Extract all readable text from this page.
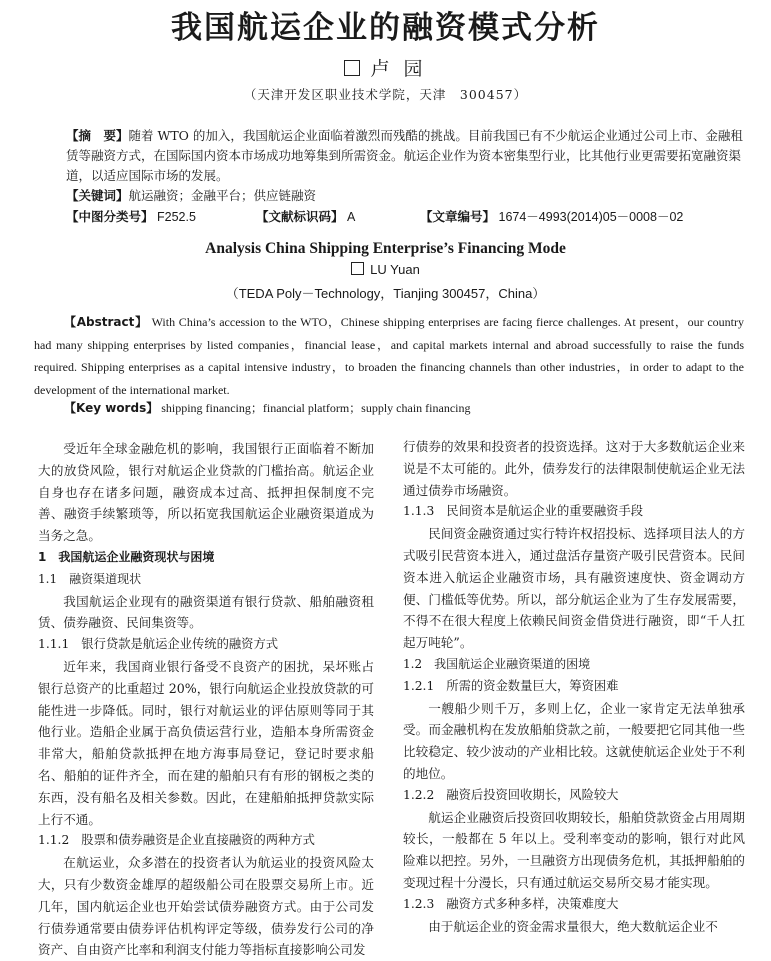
我国航运企业的融资模式分析
卢 园
（天津开发区职业技术学院，天津　300457）
【摘　要】随着 WTO 的加入，我国航运企业面临着激烈而残酷的挑战。目前我国已有不少航运企业通过公司上市、金融租赁等融资方式，在国际国内资本市场成功地筹集到所需资金。航运企业作为资本密集型行业，比其他行业更需要拓宽融资渠道，以适应国际市场的发展。
【关键词】航运融资；金融平台；供应链融资
【中图分类号】 F252.5	【文献标识码】 A	【文章编号】 1674－4993(2014)05－0008－02
Analysis China Shipping Enterprise’s Financing Mode
LU Yuan
（TEDA Poly－Technology，Tianjing 300457，China）
【Abstract】 With China’s accession to the WTO，Chinese shipping enterprises are facing fierce challenges. At present，our country had many shipping enterprises by listed companies，financial lease，and capital markets internal and abroad successfully to raise the funds required. Shipping enterprises as a capital intensive industry，to broaden the financing channels than other industries，in order to adapt to the development of the international market.
【Key words】 shipping financing；financial platform；supply chain financing

受近年全球金融危机的影响，我国银行正面临着不断加大的放贷风险，银行对航运企业贷款的门槛抬高。航运企业自身也存在诸多问题，融资成本过高、抵押担保制度不完善、融资手续繁琐等，所以拓宽我国航运企业融资渠道成为当务之急。

1 我国航运企业融资现状与困境
1.1 融资渠道现状

我国航运企业现有的融资渠道有银行贷款、船舶融资租赁、债券融资、民间集资等。

1.1.1 银行贷款是航运企业传统的融资方式

近年来，我国商业银行备受不良资产的困扰，呆坏账占银行总资产的比重超过 20%，银行向航运企业投放贷款的可能性进一步降低。同时，银行对航运业的评估原则等同于其他行业。造船企业属于高负债运营行业，造船本身所需资金非常大，船舶贷款抵押在地方海事局登记，登记时要求船名、船舶的证件齐全，而在建的船舶只有有形的钢板之类的东西，没有船名及相关参数。因此，在建船舶抵押贷款实际上行不通。

1.1.2 股票和债券融资是企业直接融资的两种方式

在航运业，众多潜在的投资者认为航运业的投资风险太大，只有少数资金雄厚的超级船公司在股票交易所上市。近几年，国内航运企业也开始尝试债券融资方式。由于公司发行债券通常要由债券评估机构评定等级，债券发行公司的净资产、自由资产比率和利润支付能力等指标直接影响公司发

行债券的效果和投资者的投资选择。这对于大多数航运企业来说是不太可能的。此外，债券发行的法律限制使航运企业无法通过债券市场融资。

1.1.3 民间资本是航运企业的重要融资手段

民间资金融资通过实行特许权招投标、选择项目法人的方式吸引民营资本进入，通过盘活存量资产吸引民营资本。民间资本进入航运企业融资市场，具有融资速度快、资金调动方便、门槛低等优势。所以，部分航运企业为了生存发展需要，不得不在很大程度上依赖民间资金借贷进行融资，即“千人扛起万吨轮”。

1.2 我国航运企业融资渠道的困境
1.2.1 所需的资金数量巨大，筹资困难

一艘船少则千万，多则上亿，企业一家肯定无法单独承受。而金融机构在发放船舶贷款之前，一般要把它同其他一些比较稳定、较少波动的产业相比较。这就使航运企业处于不利的地位。

1.2.2 融资后投资回收期长，风险较大

航运企业融资后投资回收期较长，船舶贷款资金占用周期较长，一般都在 5 年以上。受利率变动的影响，银行对此风险难以把控。另外，一旦融资方出现债务危机，其抵押船舶的变现过程十分漫长，只有通过航运交易所交易才能实现。

1.2.3 融资方式多种多样，决策难度大

由于航运企业的资金需求量很大，绝大数航运企业不
